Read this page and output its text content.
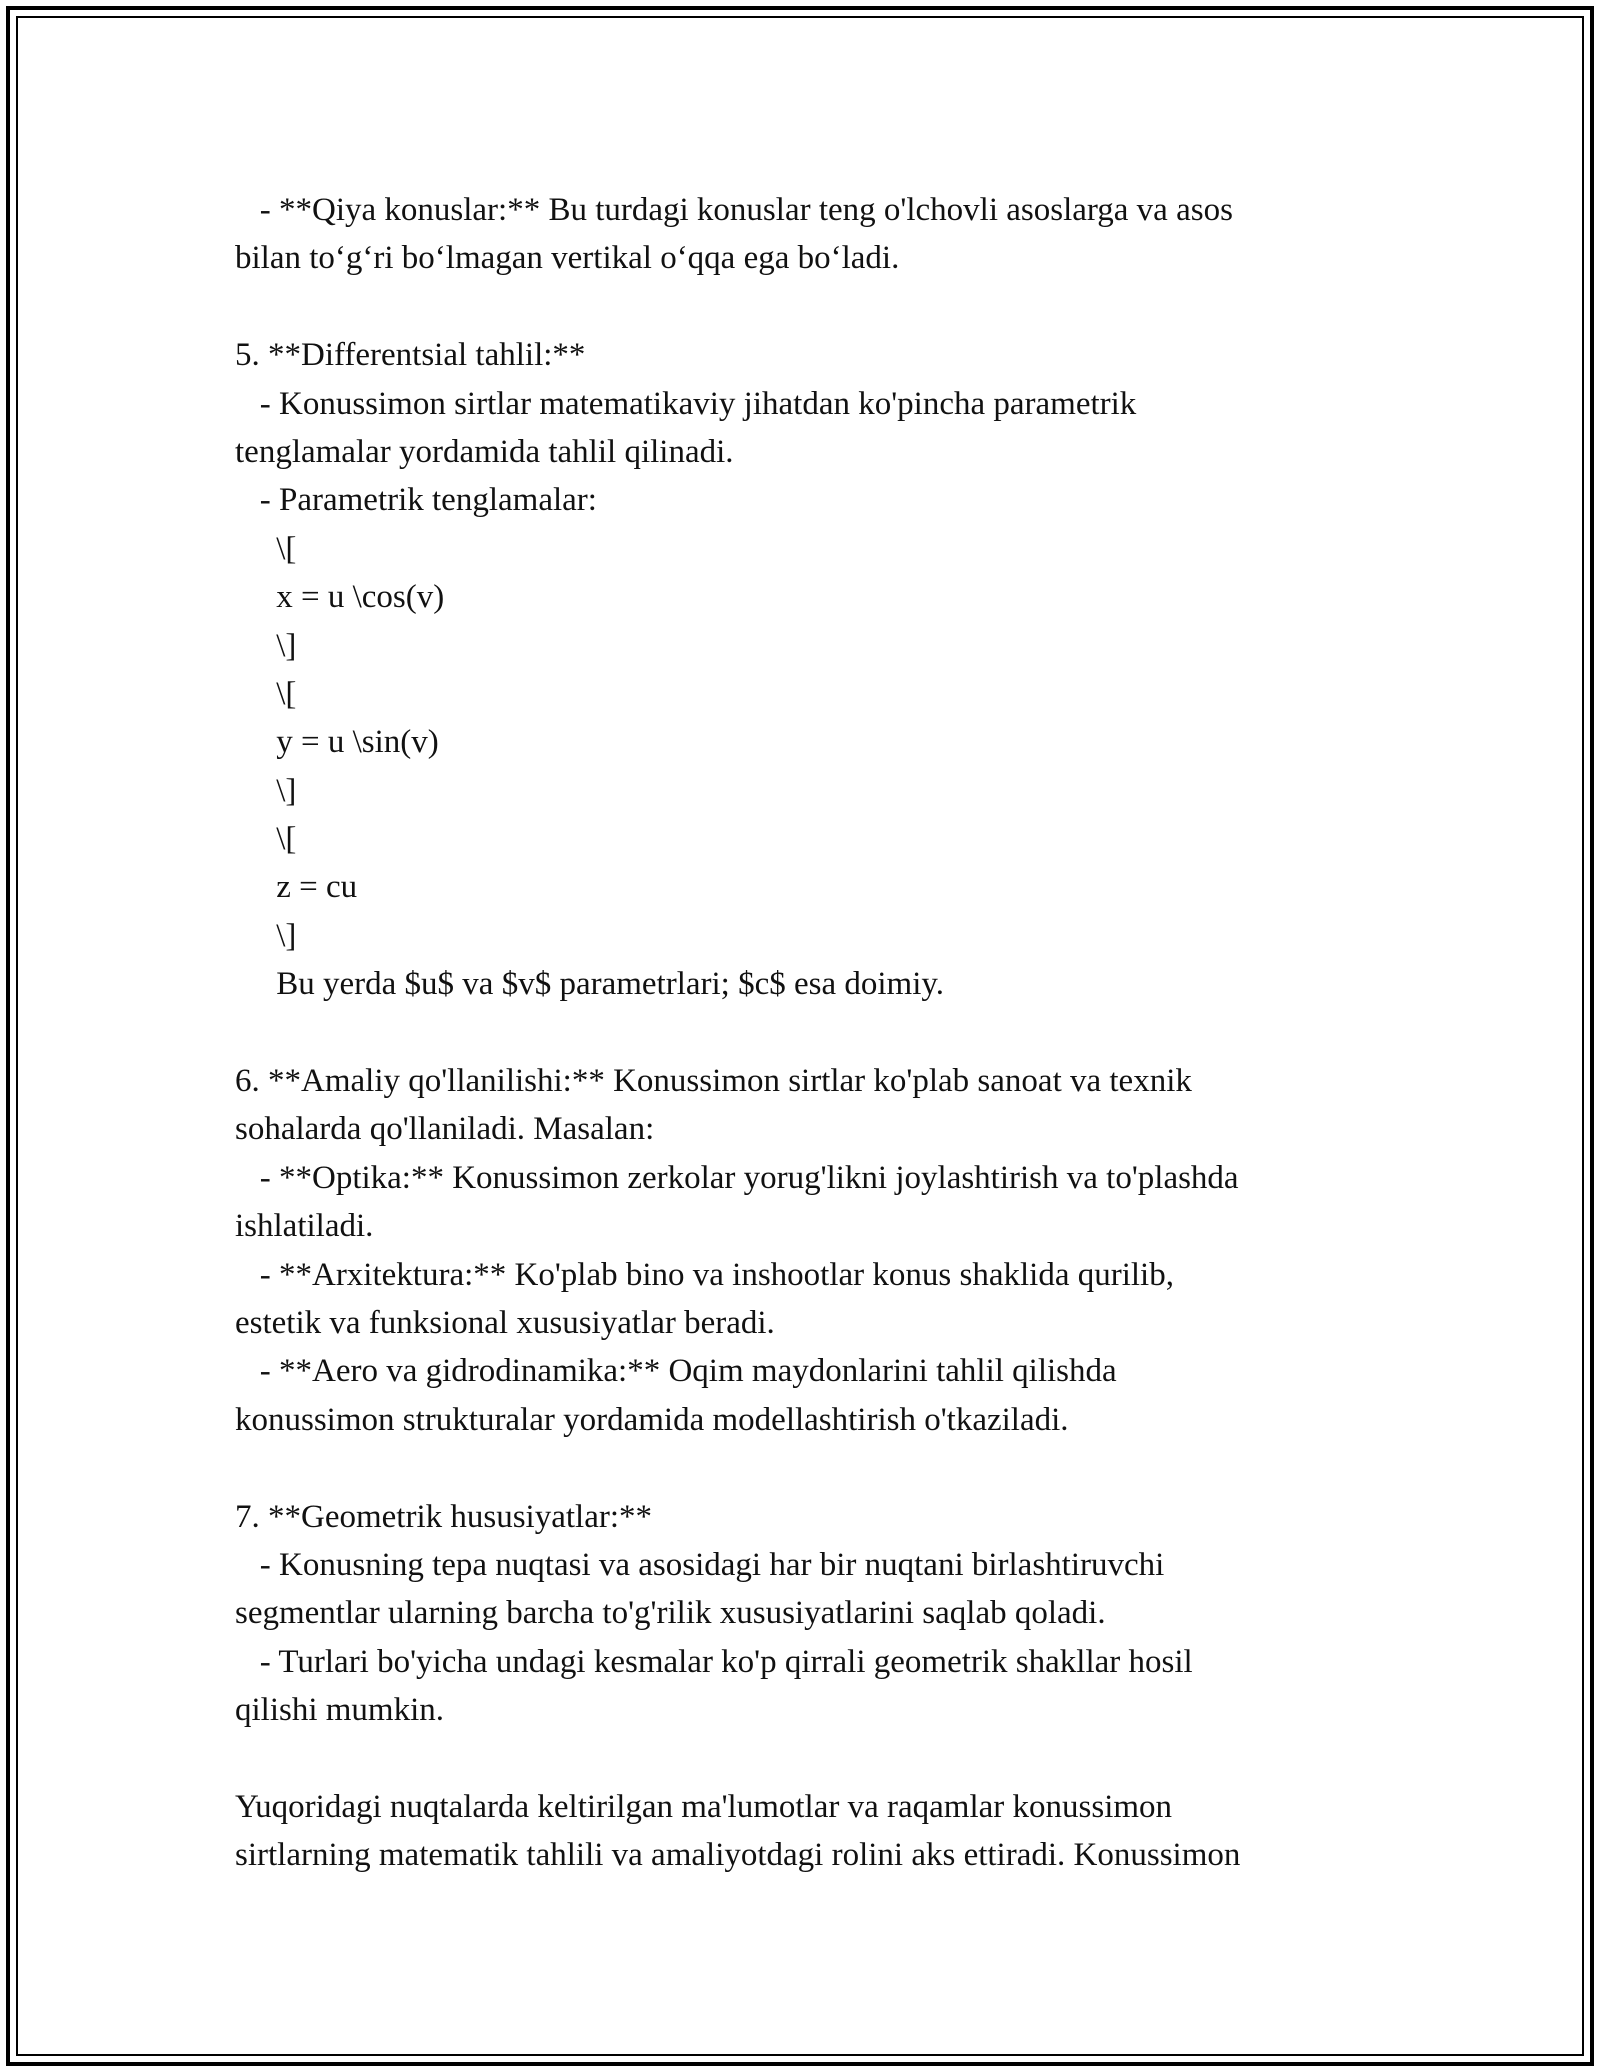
- **Qiya konuslar:** Bu turdagi konuslar teng o'lchovli asoslarga va asos

bilan to‘g‘ri bo‘lmagan vertikal o‘qqa ega bo‘ladi.

5. **Differentsial tahlil:**

- Konussimon sirtlar matematikaviy jihatdan ko'pincha parametrik

tenglamalar yordamida tahlil qilinadi.

- Parametrik tenglamalar:

\[

x = u \cos(v)

\]

\[

y = u \sin(v)

\]

\[

z = cu

\]

Bu yerda $u$ va $v$ parametrlari; $c$ esa doimiy.

6. **Amaliy qo'llanilishi:** Konussimon sirtlar ko'plab sanoat va texnik

sohalarda qo'llaniladi. Masalan:

- **Optika:** Konussimon zerkolar yorug'likni joylashtirish va to'plashda

ishlatiladi.

- **Arxitektura:** Ko'plab bino va inshootlar konus shaklida qurilib,

estetik va funksional xususiyatlar beradi.

- **Aero va gidrodinamika:** Oqim maydonlarini tahlil qilishda

konussimon strukturalar yordamida modellashtirish o'tkaziladi.

7. **Geometrik hususiyatlar:**

- Konusning tepa nuqtasi va asosidagi har bir nuqtani birlashtiruvchi

segmentlar ularning barcha to'g'rilik xususiyatlarini saqlab qoladi.

- Turlari bo'yicha undagi kesmalar ko'p qirrali geometrik shakllar hosil

qilishi mumkin.

Yuqoridagi nuqtalarda keltirilgan ma'lumotlar va raqamlar konussimon

sirtlarning matematik tahlili va amaliyotdagi rolini aks ettiradi. Konussimon
